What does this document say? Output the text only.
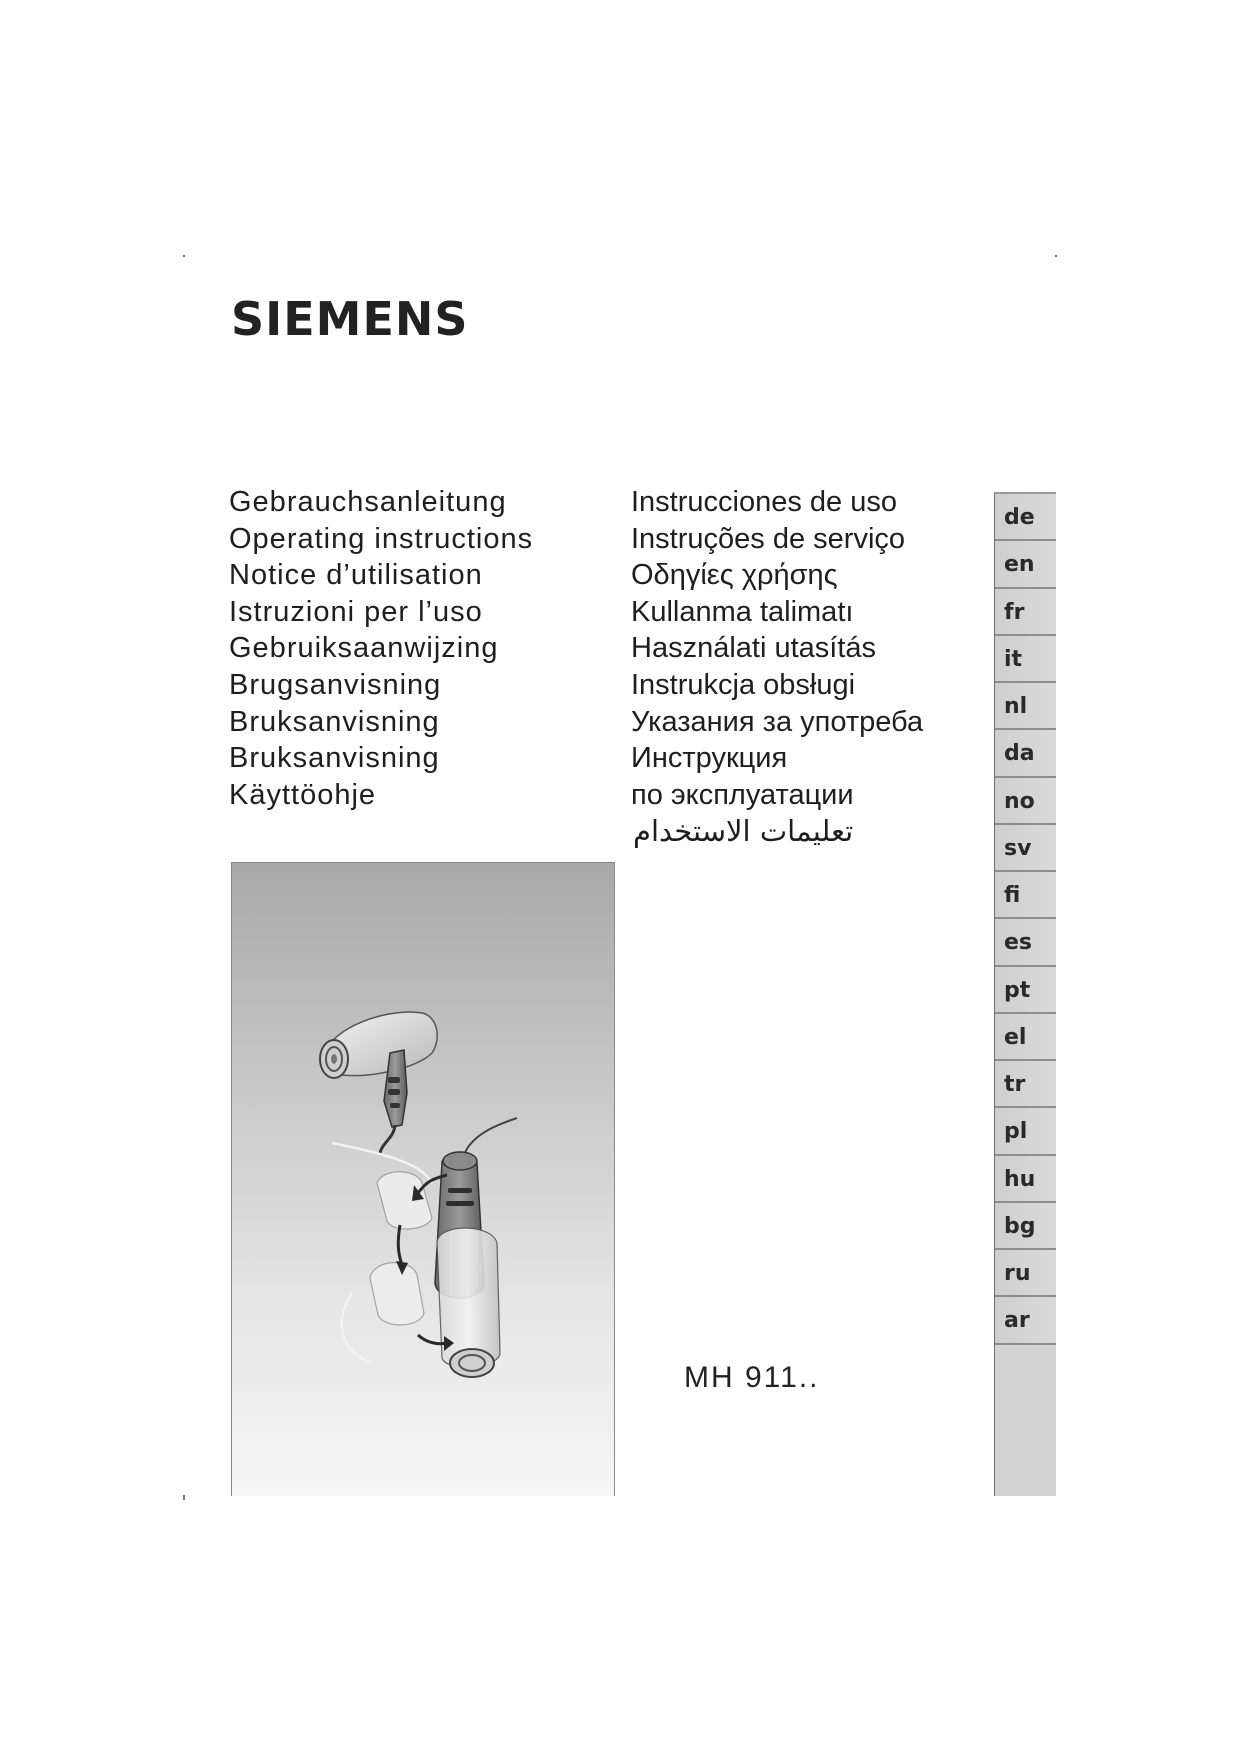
SIEMENS
Gebrauchsanleitung
Operating instructions
Notice d’utilisation
Istruzioni per l’uso
Gebruiksaanwijzing
Brugsanvisning
Bruksanvisning
Bruksanvisning
Käyttöohje
Instrucciones de uso
Instruções de serviço
Οδηγίες χρήσης
Kullanma talimatı
Használati utasítás
Instrukcja obsługi
Указания за употреба
Инструкция
по эксплуатации
تعليمات الاستخدام
MH 911..
de
en
fr
it
nl
da
no
sv
fi
es
pt
el
tr
pl
hu
bg
ru
ar
